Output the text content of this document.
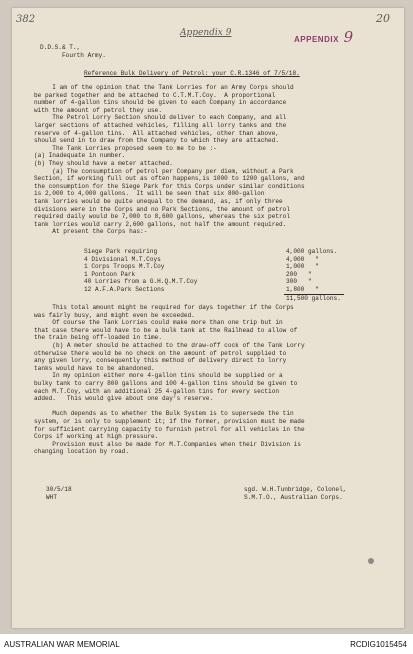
382	20
Appendix 9
APPENDIX 9
D.D.S.& T.,
Fourth Army.
Reference Bulk Delivery of Petrol: your C.R.1346 of 7/5/18.
I am of the opinion that the Tank Lorries for an Army Corps should
be parked together and be attached to C.T.M.T.Coy.  A proportional
number of 4-gallon tins should be given to each Company in accordance
with the amount of petrol they use.
The Petrol Lorry Section should deliver to each Company, and all
larger sections of attached vehicles, filling all lorry tanks and the
reserve of 4-gallon tins.  All attached vehicles, other than above,
should send in to draw from the Company to which they are attached.
The Tank Lorries proposed seem to me to be :-
(a) Inadequate in number.
(b) They should have a meter attached.
(a) The consumption of petrol per Company per diem, without a Park
Section, if working full out as often happens,is 1000 to 1200 gallons, and
the consumption for the Siege Park for this Corps under similar conditions
is 2,000 to 4,000 gallons.  It will be seen that six 800-gallon
tank lorries would be quite unequal to the demand, as, if only three
divisions were in the Corps and no Park Sections, the amount of petrol
required daily would be 7,000 to 8,600 gallons, whereas the six petrol
tank lorries would carry 2,600 gallons, not half the amount required.
At present the Corps has:-
Siege Park requiring	4,000 gallons.
4 Divisional M.T.Coys	4,000   "
1 Corps Troops M.T.Coy	1,000   "
1 Pontoon Park	200   "
40 Lorries from a G.H.Q.M.T.Coy	300   "
12 A.F.A.Park Sections	1,800   "
11,500 gallons.
This total amount might be required for days together if the Corps
was fairly busy, and might even be exceeded.
Of course the Tank Lorries could make more than one trip but in
that case there would have to be a bulk tank at the Railhead to allow of
the train being off-loaded in time.
(b) A meter should be attached to the draw-off cock of the Tank Lorry
otherwise there would be no check on the amount of petrol supplied to
any given lorry, consequently this method of delivery direct to lorry
tanks would have to be abandoned.
In my opinion either more 4-gallon tins should be supplied or a
bulky tank to carry 800 gallons and 100 4-gallon tins should be given to
each M.T.Coy, with an additional 25 4-gallon tins for every section
added.   This would give about one day's reserve.
Much depends as to whether the Bulk System is to supersede the tin
system, or is only to supplement it; if the former, provision must be made
for sufficient carrying capacity to furnish petrol for all vehicles in the
Corps if working at high pressure.
Provision must also be made for M.T.Companies when their Division is
changing location by road.
30/5/18
WHT
sgd. W.H.Tunbridge, Colonel,
S.M.T.O., Australian Corps.
AUSTRALIAN WAR MEMORIAL	RCDIG1015454
